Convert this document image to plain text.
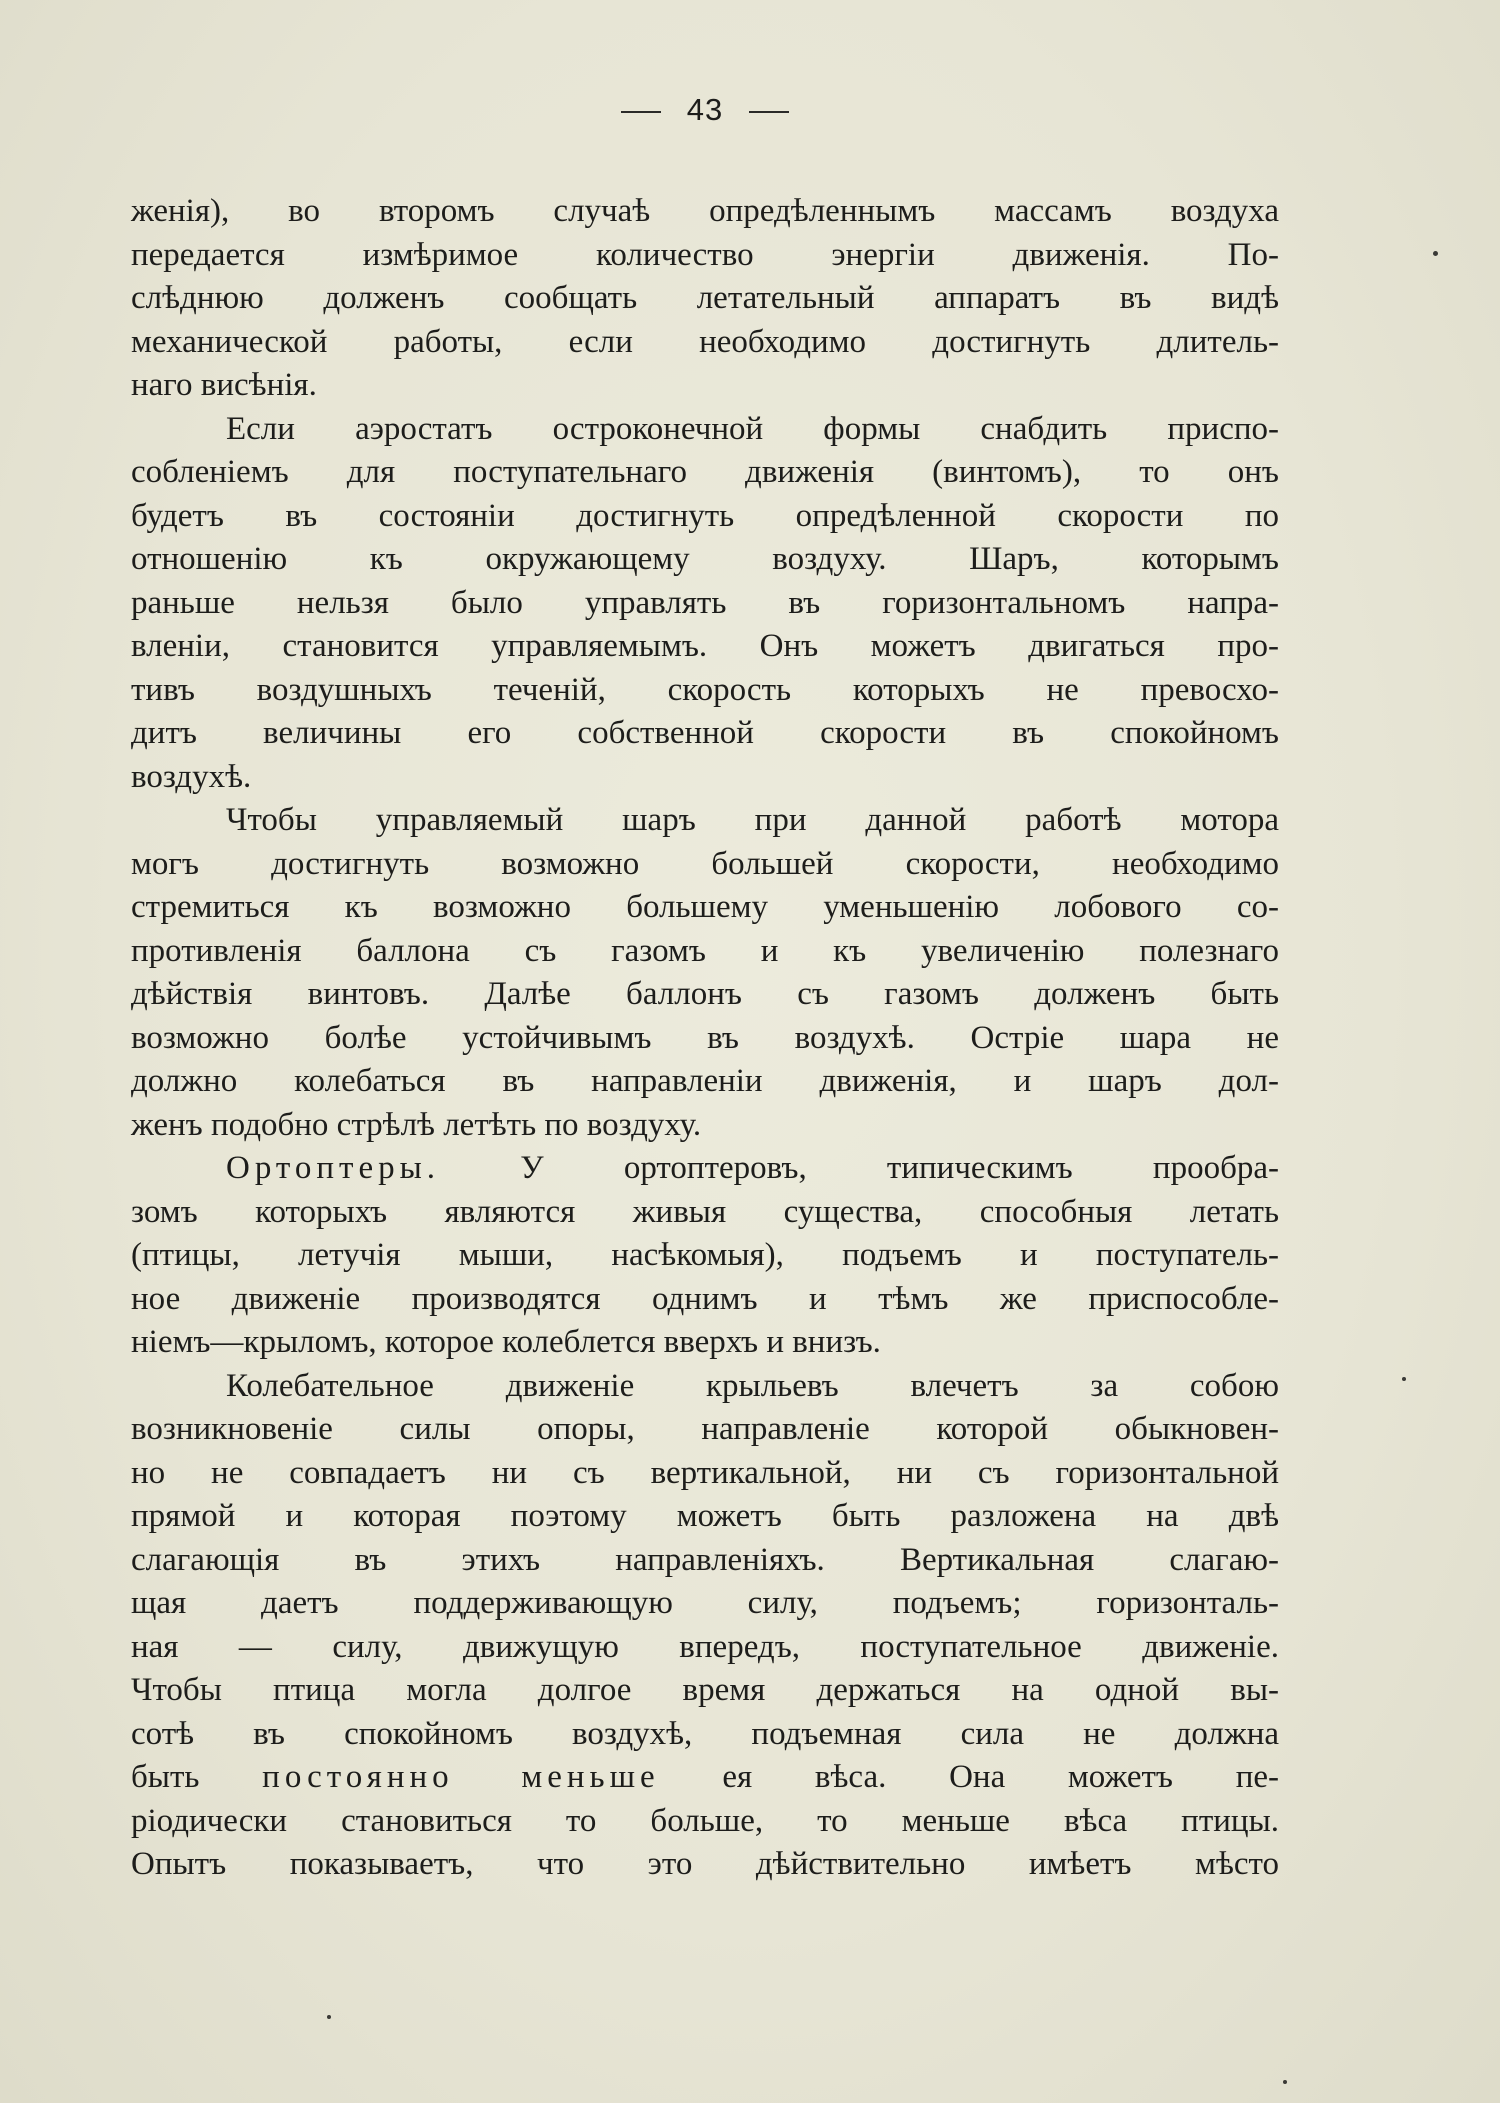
43
женія), во второмъ случаѣ опредѣленнымъ массамъ воздуха
передается измѣримое количество энергіи движенія. По-
слѣднюю долженъ сообщать летательный аппаратъ въ видѣ
механической работы, если необходимо достигнуть длитель-
наго висѣнія.
Если аэростатъ остроконечной формы снабдить приспо-
собленіемъ для поступательнаго движенія (винтомъ), то онъ
будетъ въ состояніи достигнуть опредѣленной скорости по
отношенію къ окружающему воздуху. Шаръ, которымъ
раньше нельзя было управлять въ горизонтальномъ напра-
вленіи, становится управляемымъ. Онъ можетъ двигаться про-
тивъ воздушныхъ теченій, скорость которыхъ не превосхо-
дитъ величины его собственной скорости въ спокойномъ
воздухѣ.
Чтобы управляемый шаръ при данной работѣ мотора
могъ достигнуть возможно большей скорости, необходимо
стремиться къ возможно большему уменьшенію лобового со-
противленія баллона съ газомъ и къ увеличенію полезнаго
дѣйствія винтовъ. Далѣе баллонъ съ газомъ долженъ быть
возможно болѣе устойчивымъ въ воздухѣ. Остріе шара не
должно колебаться въ направленіи движенія, и шаръ дол-
женъ подобно стрѣлѣ летѣть по воздуху.
Ортоптеры. У ортоптеровъ, типическимъ прообра-
зомъ которыхъ являются живыя существа, способныя летать
(птицы, летучія мыши, насѣкомыя), подъемъ и поступатель-
ное движеніе производятся однимъ и тѣмъ же приспособле-
ніемъ—крыломъ, которое колеблется вверхъ и внизъ.
Колебательное движеніе крыльевъ влечетъ за собою
возникновеніе силы опоры, направленіе которой обыкновен-
но не совпадаетъ ни съ вертикальной, ни съ горизонтальной
прямой и которая поэтому можетъ быть разложена на двѣ
слагающія въ этихъ направленіяхъ. Вертикальная слагаю-
щая даетъ поддерживающую силу, подъемъ; горизонталь-
ная — силу, движущую впередъ, поступательное движеніе.
Чтобы птица могла долгое время держаться на одной вы-
сотѣ въ спокойномъ воздухѣ, подъемная сила не должна
быть постоянно меньше ея вѣса. Она можетъ пе-
ріодически становиться то больше, то меньше вѣса птицы.
Опытъ показываетъ, что это дѣйствительно имѣетъ мѣсто
